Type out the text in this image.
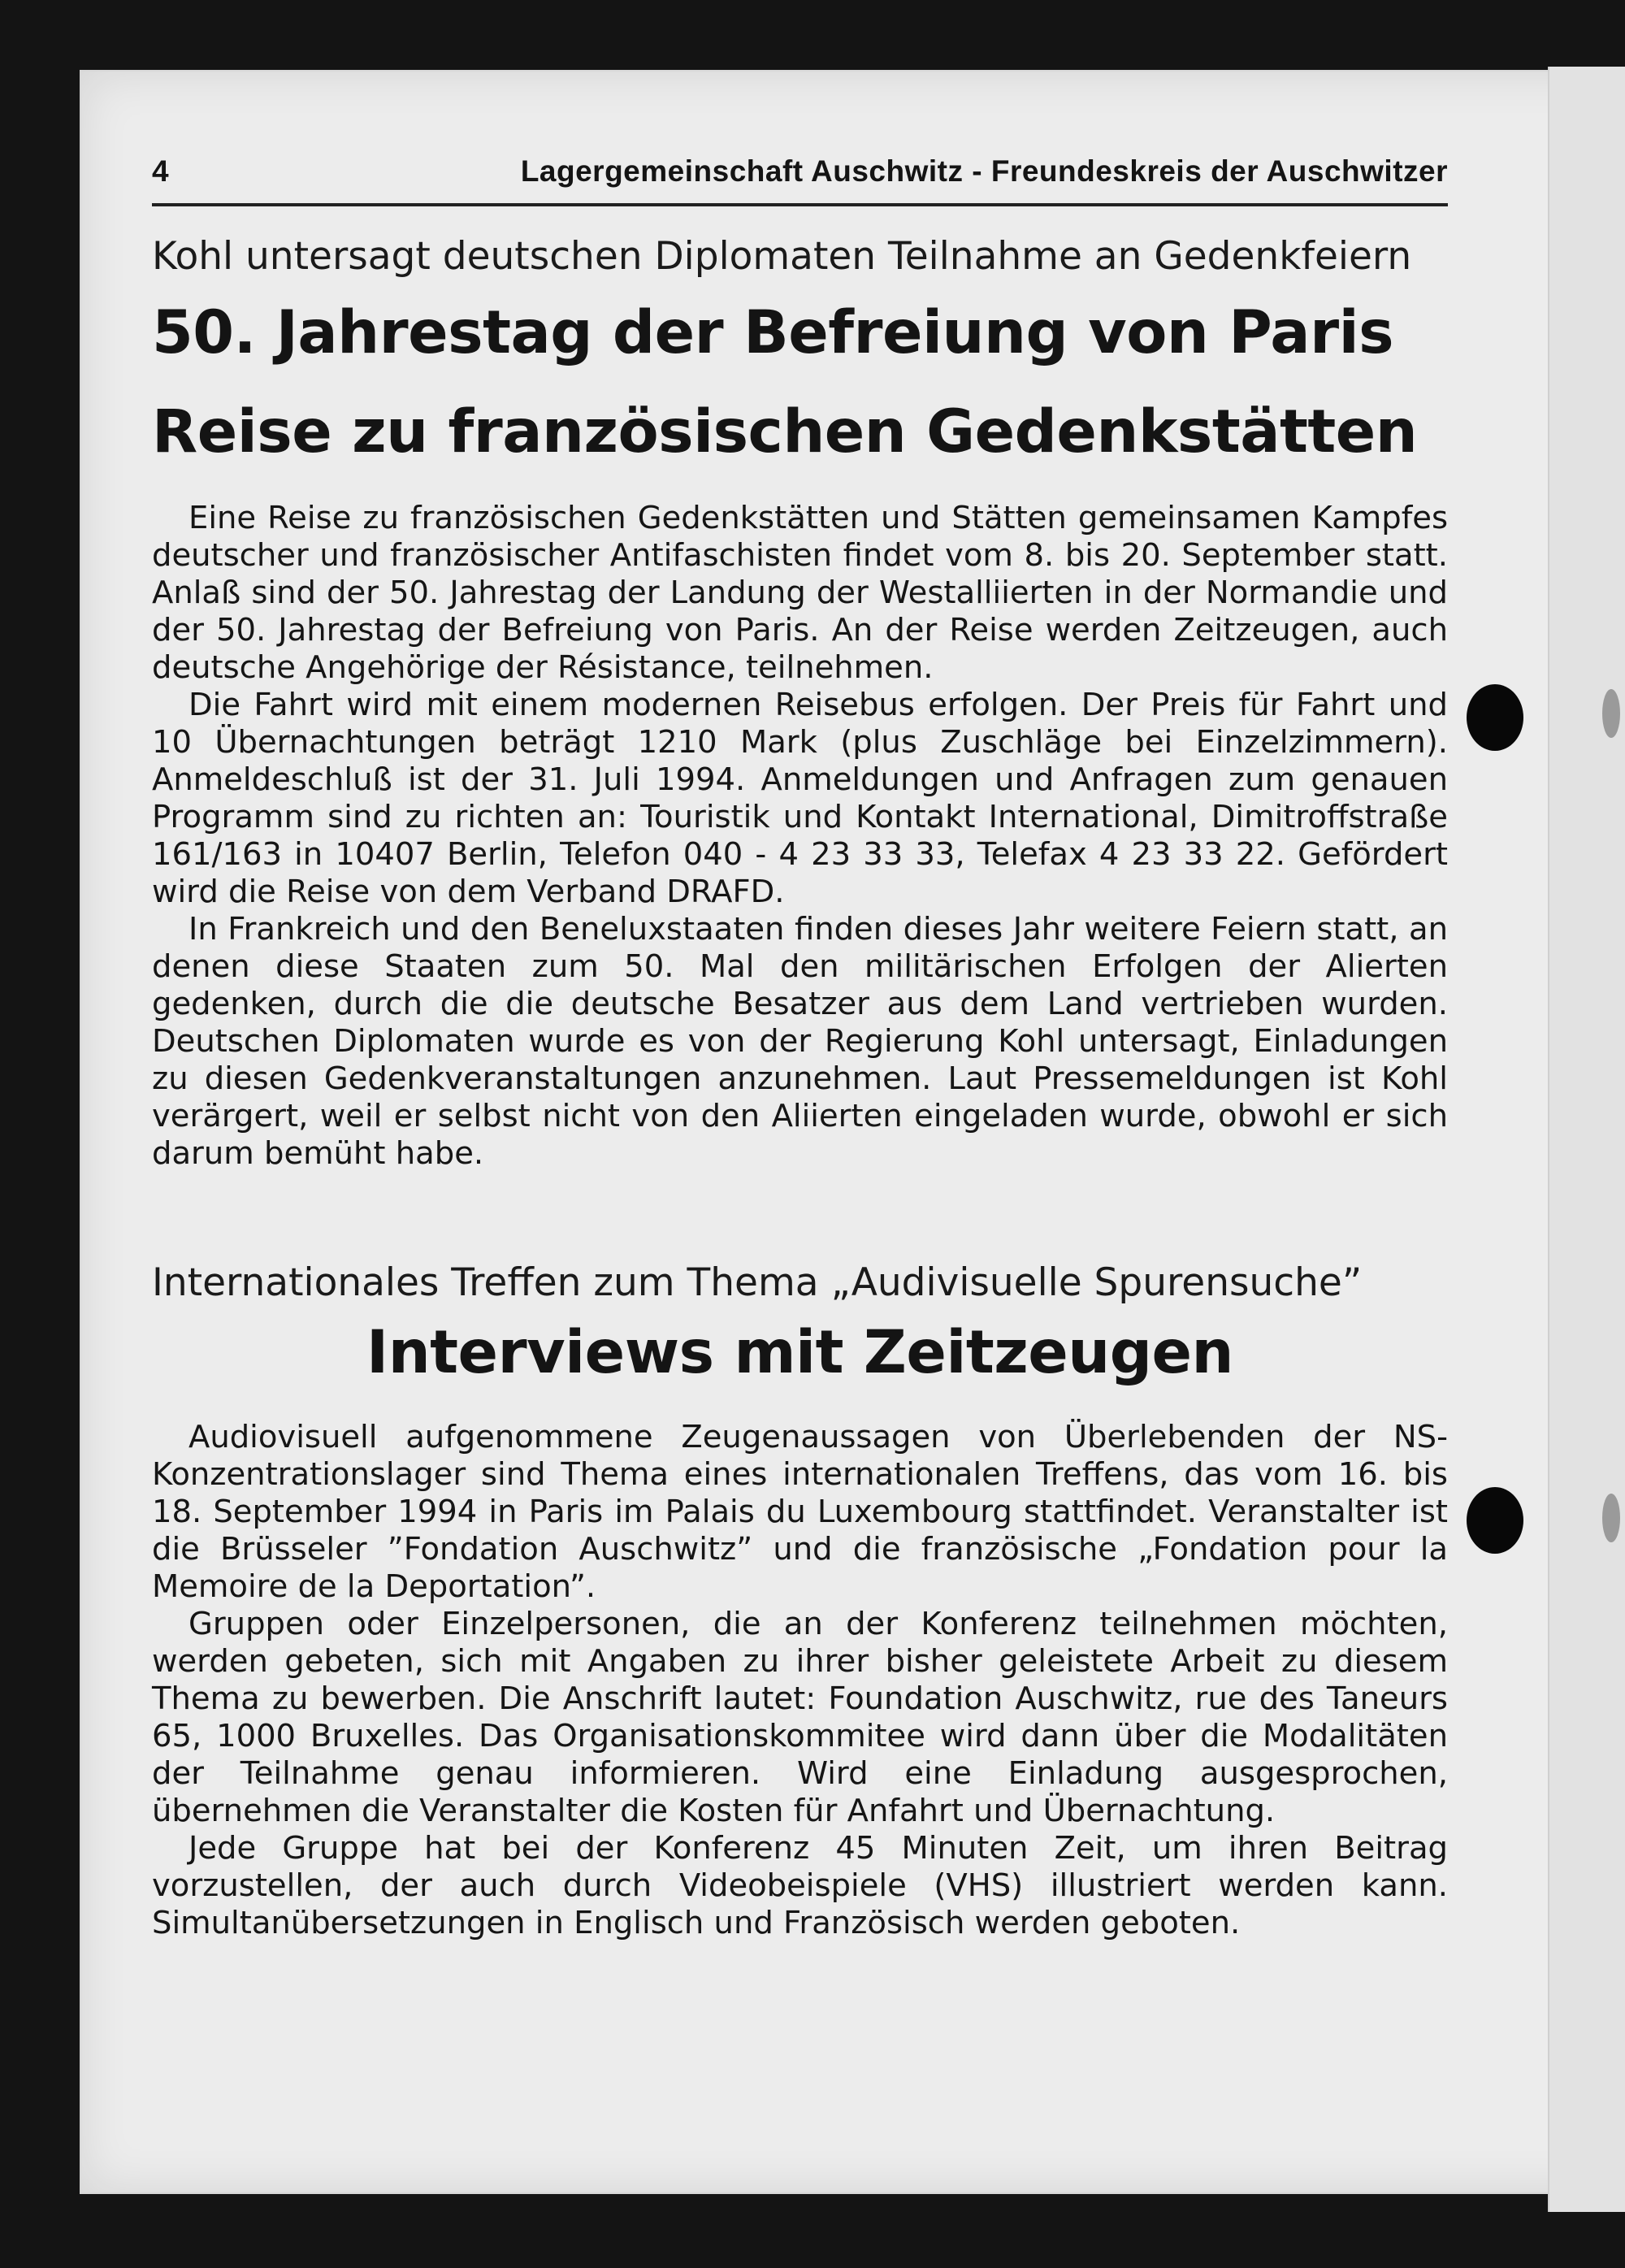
4	Lagergemeinschaft Auschwitz - Freundeskreis der Auschwitzer
Kohl untersagt deutschen Diplomaten Teilnahme an Gedenkfeiern
50. Jahrestag der Befreiung von Paris
Reise zu französischen Gedenkstätten

Eine Reise zu französischen Gedenkstätten und Stätten gemeinsamen Kampfes deutscher und französischer Antifaschisten findet vom 8. bis 20. September statt. Anlaß sind der 50. Jahrestag der Landung der Westalliierten in der Normandie und der 50. Jahrestag der Befreiung von Paris. An der Reise werden Zeitzeugen, auch deutsche Angehörige der Résistance, teilnehmen.

Die Fahrt wird mit einem modernen Reisebus erfolgen. Der Preis für Fahrt und 10 Übernachtungen beträgt 1210 Mark (plus Zuschläge bei Einzelzimmern). Anmeldeschluß ist der 31. Juli 1994. Anmeldungen und Anfragen zum genauen Programm sind zu richten an: Touristik und Kontakt International, Dimitroffstraße 161/163 in 10407 Berlin, Telefon 040 - 4 23 33 33, Telefax 4 23 33 22. Gefördert wird die Reise von dem Verband DRAFD.

In Frankreich und den Beneluxstaaten finden dieses Jahr weitere Feiern statt, an denen diese Staaten zum 50. Mal den militärischen Erfolgen der Alierten gedenken, durch die die deutsche Besatzer aus dem Land vertrieben wurden. Deutschen Diplomaten wurde es von der Regierung Kohl untersagt, Einladungen zu diesen Gedenkveranstaltungen anzunehmen. Laut Pressemeldungen ist Kohl verärgert, weil er selbst nicht von den Aliierten eingeladen wurde, obwohl er sich darum bemüht habe.

Internationales Treffen zum Thema „Audivisuelle Spurensuche”
Interviews mit Zeitzeugen

Audiovisuell aufgenommene Zeugenaussagen von Überlebenden der NS-Konzentrationslager sind Thema eines internationalen Treffens, das vom 16. bis 18. September 1994 in Paris im Palais du Luxembourg stattfindet. Veranstalter ist die Brüsseler ”Fondation Auschwitz” und die französische „Fondation pour la Memoire de la Deportation”.

Gruppen oder Einzelpersonen, die an der Konferenz teilnehmen möchten, werden gebeten, sich mit Angaben zu ihrer bisher geleistete Arbeit zu diesem Thema zu bewerben. Die Anschrift lautet: Foundation Auschwitz, rue des Taneurs 65, 1000 Bruxelles. Das Organisationskommitee wird dann über die Modalitäten der Teilnahme genau informieren. Wird eine Einladung ausgesprochen, übernehmen die Veranstalter die Kosten für Anfahrt und Übernachtung.

Jede Gruppe hat bei der Konferenz 45 Minuten Zeit, um ihren Beitrag vorzustellen, der auch durch Videobeispiele (VHS) illustriert werden kann. Simultanübersetzungen in Englisch und Französisch werden geboten.
